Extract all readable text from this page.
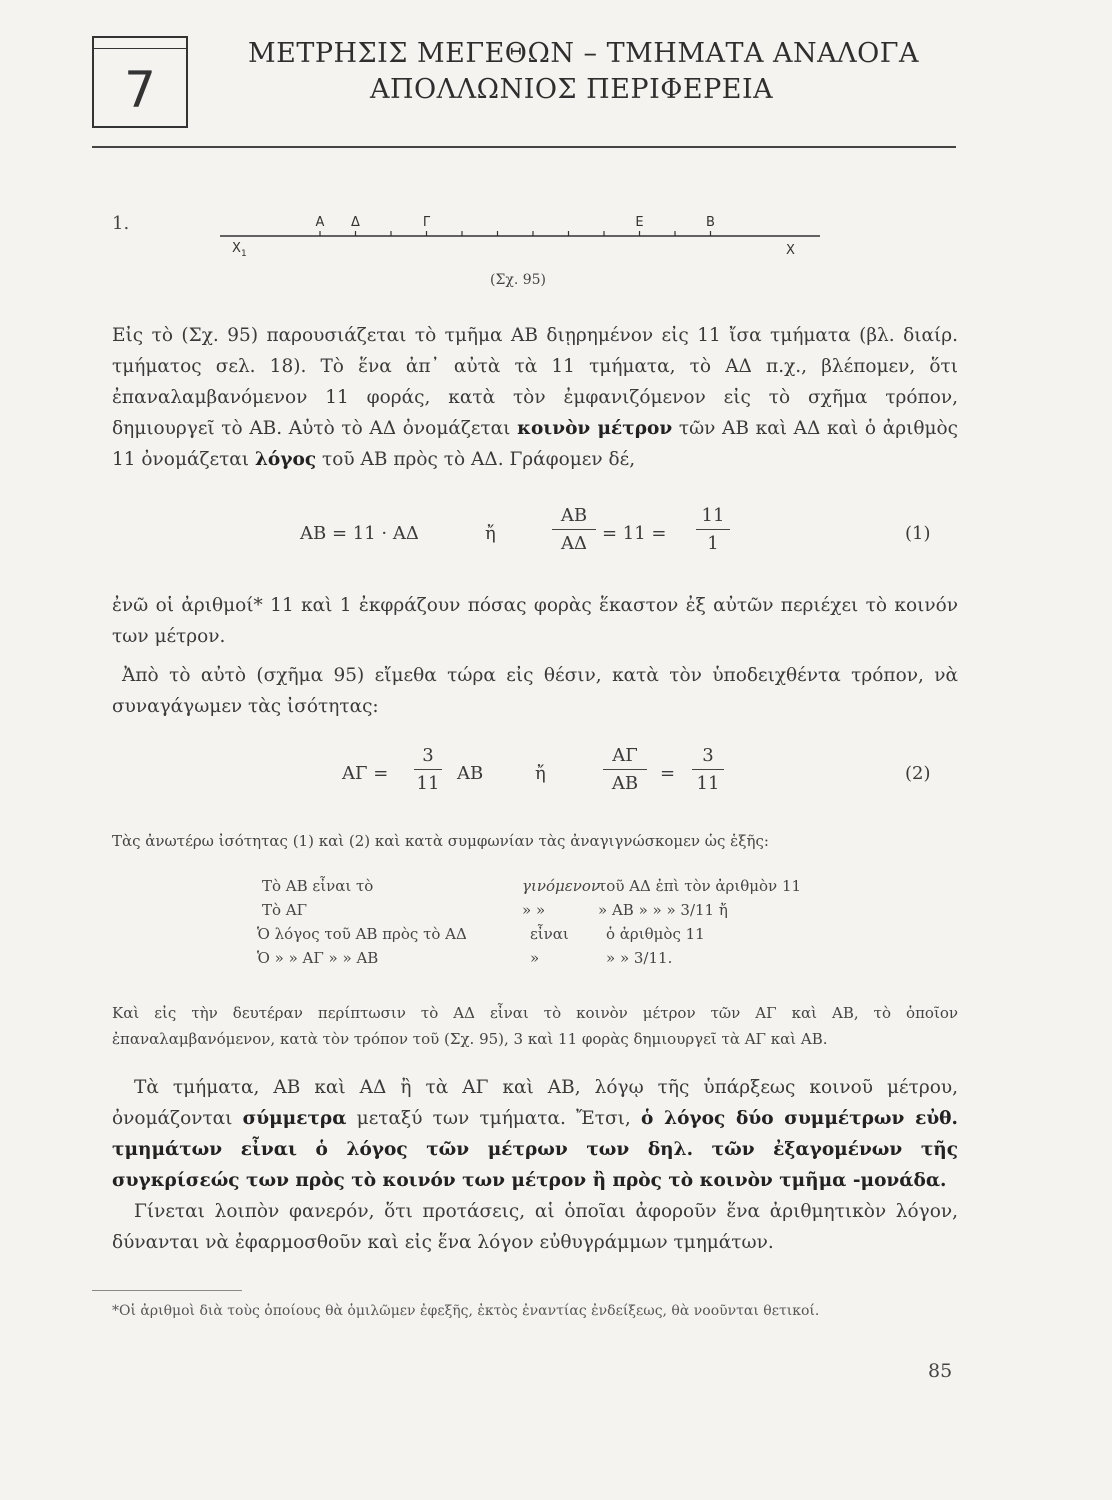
7
ΜΕΤΡΗΣΙΣ ΜΕΓΕΘΩΝ – ΤΜΗΜΑΤΑ ΑΝΑΛΟΓΑ
ΑΠΟΛΛΩΝΙΟΣ ΠΕΡΙΦΕΡΕΙΑ
1.	Α Δ	Γ	Ε	Β
X 1	X
(Σχ. 95)
Εἰς τὸ (Σχ. 95) παρουσιάζεται τὸ τμῆμα ΑΒ διῃρημένον εἰς 11 ἴσα τμήματα (βλ. διαίρ. τμήματος σελ. 18). Τὸ ἕνα ἀπ᾽ αὐτὰ τὰ 11 τμήματα, τὸ ΑΔ π.χ., βλέπομεν, ὅτι ἐπαναλαμβανόμενον 11 φοράς, κατὰ τὸν ἐμφανιζόμενον εἰς τὸ σχῆμα τρόπον, δημιουργεῖ τὸ ΑΒ. Αὐτὸ τὸ ΑΔ ὀνομάζεται κοινὸν μέτρον τῶν ΑΒ καὶ ΑΔ καὶ ὁ ἀριθμὸς 11 ὀνομάζεται λόγος τοῦ ΑΒ πρὸς τὸ ΑΔ. Γράφομεν δέ,
ΑΒ = 11 · ΑΔ	ἤ
ΑΒ
ΑΔ = 11 =
11
1	(1)
ἐνῶ οἱ ἀριθμοί* 11 καὶ 1 ἐκφράζουν πόσας φορὰς ἕκαστον ἐξ αὐτῶν περιέχει τὸ κοινόν των μέτρον.
Ἀπὸ τὸ αὐτὸ (σχῆμα 95) εἴμεθα τώρα εἰς θέσιν, κατὰ τὸν ὑποδειχθέντα τρόπον, νὰ συναγάγωμεν τὰς ἰσότητας:
ΑΓ =
3
11 ΑΒ	ἤ
ΑΓ
ΑΒ	=
3
11	(2)
Τὰς ἀνωτέρω ἰσότητας (1) καὶ (2) καὶ κατὰ συμφωνίαν τὰς ἀναγιγνώσκομεν ὡς ἑξῆς:
Τὸ ΑΒ εἶναι τὸ	γινόμενοντοῦ ΑΔ ἐπὶ τὸν ἀριθμὸν 11
Τὸ ΑΓ	» »	» ΑΒ » » » 3/11 ἤ
Ὁ λόγος τοῦ ΑΒ πρὸς τὸ ΑΔ	εἶναι ὁ ἀριθμὸς 11
Ὁ » » ΑΓ » » ΑΒ	»	» » 3/11.
Καὶ εἰς τὴν δευτέραν περίπτωσιν τὸ ΑΔ εἶναι τὸ κοινὸν μέτρον τῶν ΑΓ καὶ ΑΒ, τὸ ὁποῖον ἐπαναλαμβανόμενον, κατὰ τὸν τρόπον τοῦ (Σχ. 95), 3 καὶ 11 φορὰς δημιουργεῖ τὰ ΑΓ καὶ ΑΒ.
Τὰ τμήματα, ΑΒ καὶ ΑΔ ἢ τὰ ΑΓ καὶ ΑΒ, λόγῳ τῆς ὑπάρξεως κοινοῦ μέτρου, ὀνομάζονται σύμμετρα μεταξύ των τμήματα. Ἔτσι, ὁ λόγος δύο συμμέτρων εὐθ. τμημάτων εἶναι ὁ λόγος τῶν μέτρων των δηλ. τῶν ἐξαγομένων τῆς συγκρίσεώς των πρὸς τὸ κοινόν των μέτρον ἢ πρὸς τὸ κοινὸν τμῆμα -μονάδα.
Γίνεται λοιπὸν φανερόν, ὅτι προτάσεις, αἱ ὁποῖαι ἀφοροῦν ἕνα ἀριθμητικὸν λόγον, δύνανται νὰ ἐφαρμοσθοῦν καὶ εἰς ἕνα λόγον εὐθυγράμμων τμημάτων.
*Οἱ ἀριθμοὶ διὰ τοὺς ὁποίους θὰ ὁμιλῶμεν ἐφεξῆς, ἐκτὸς ἐναντίας ἐνδείξεως, θὰ νοοῦνται θετικοί.
85
